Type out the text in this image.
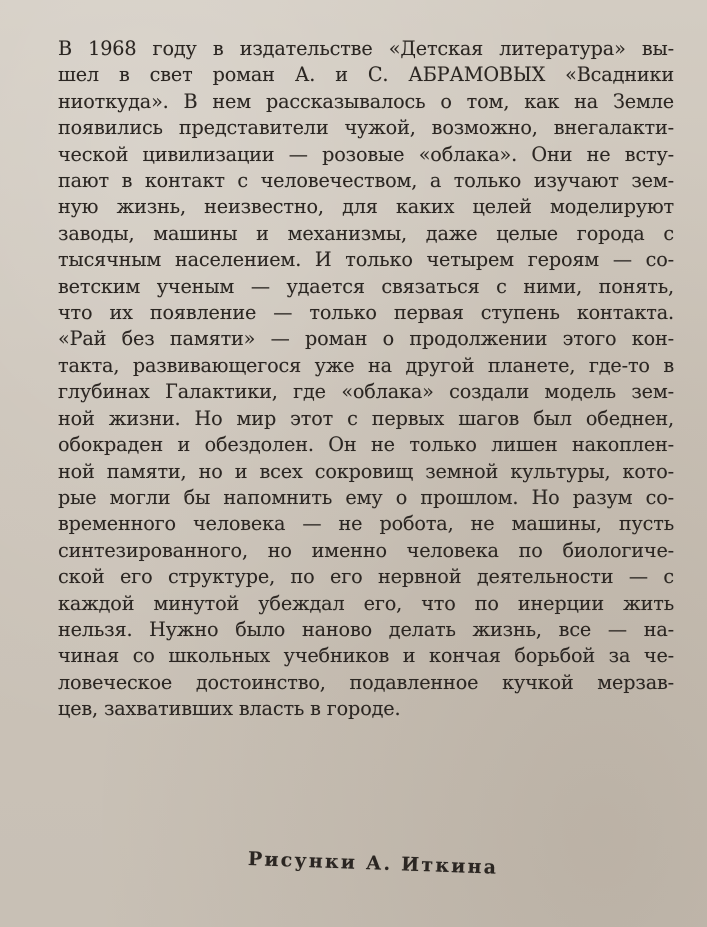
В 1968 году в издательстве «Детская литература» вы-
шел в свет роман А. и С. АБРАМОВЫХ «Всадники
ниоткуда». В нем рассказывалось о том, как на Земле
появились представители чужой, возможно, внегалакти-
ческой цивилизации — розовые «облака». Они не всту-
пают в контакт с человечеством, а только изучают зем-
ную жизнь, неизвестно, для каких целей моделируют
заводы, машины и механизмы, даже целые города с
тысячным населением. И только четырем героям — со-
ветским ученым — удается связаться с ними, понять,
что их появление — только первая ступень контакта.
«Рай без памяти» — роман о продолжении этого кон-
такта, развивающегося уже на другой планете, где-то в
глубинах Галактики, где «облака» создали модель зем-
ной жизни. Но мир этот с первых шагов был обеднен,
обокраден и обездолен. Он не только лишен накоплен-
ной памяти, но и всех сокровищ земной культуры, кото-
рые могли бы напомнить ему о прошлом. Но разум со-
временного человека — не робота, не машины, пусть
синтезированного, но именно человека по биологиче-
ской его структуре, по его нервной деятельности — с
каждой минутой убеждал его, что по инерции жить
нельзя. Нужно было наново делать жизнь, все — на-
чиная со школьных учебников и кончая борьбой за че-
ловеческое достоинство, подавленное кучкой мерзав-
цев, захвативших власть в городе.
Рисунки А. Иткина
